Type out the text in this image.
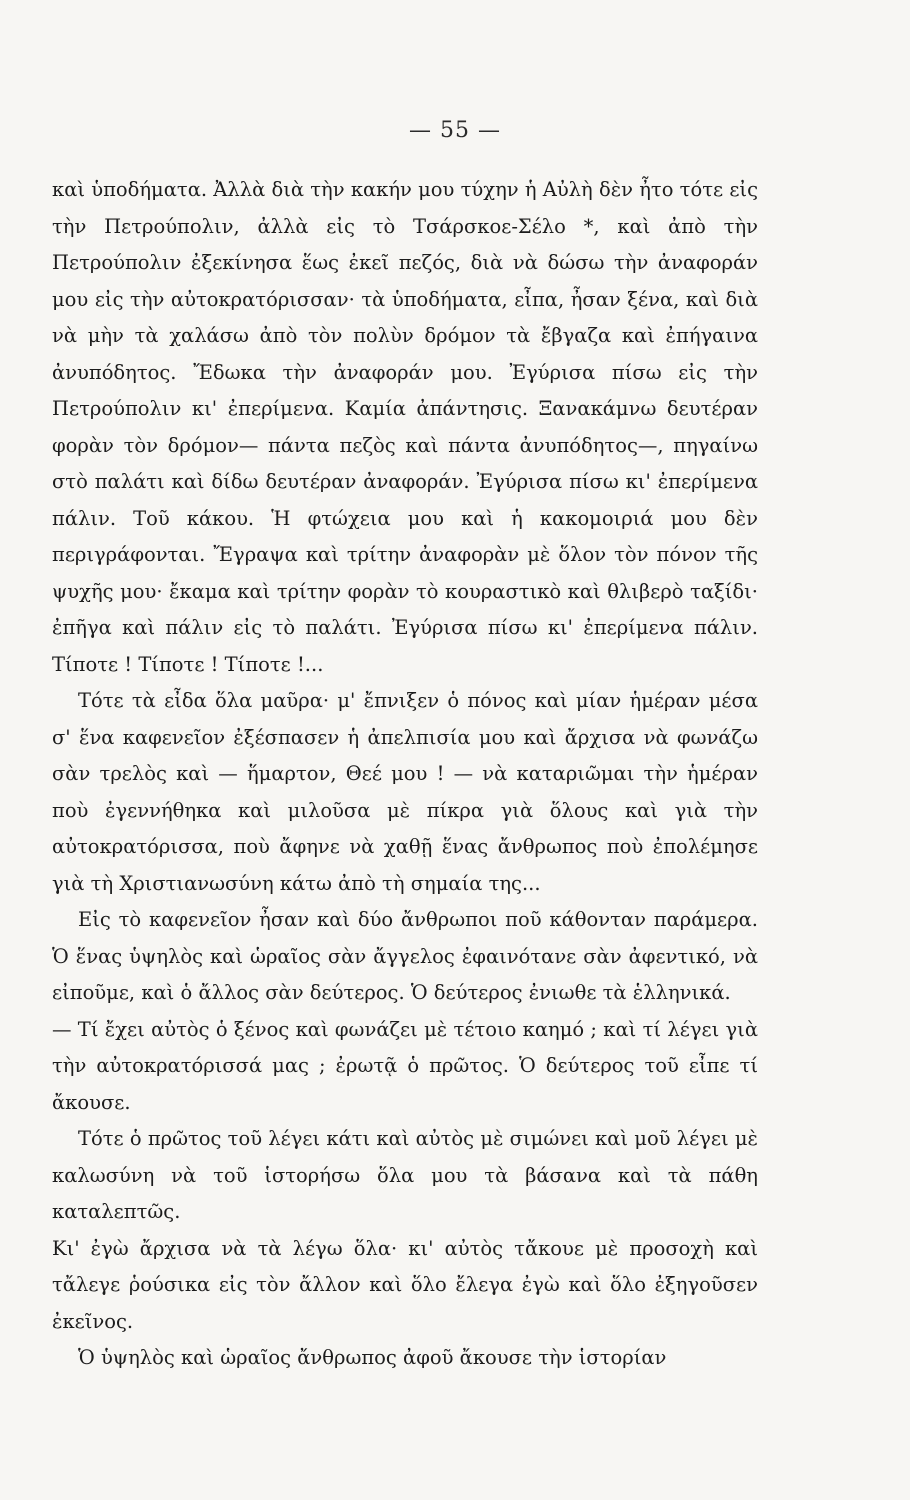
— 55 —

καὶ ὑποδήματα. Ἀλλὰ διὰ τὴν κακήν μου τύχην ἡ Αὐλὴ δὲν ἦτο τότε εἰς τὴν Πετρούπολιν, ἀλλὰ εἰς τὸ Τσάρσκοε-Σέλο *, καὶ ἀπὸ τὴν Πετρούπολιν ἐξεκίνησα ἕως ἐκεῖ πεζός, διὰ νὰ δώσω τὴν ἀναφοράν μου εἰς τὴν αὐτοκρατόρισσαν· τὰ ὑποδήματα, εἶπα, ἦσαν ξένα, καὶ διὰ νὰ μὴν τὰ χαλάσω ἀπὸ τὸν πολὺν δρόμον τὰ ἔβγαζα καὶ ἐπήγαινα ἀνυπόδητος. Ἔδωκα τὴν ἀναφοράν μου. Ἐγύρισα πίσω εἰς τὴν Πετρούπολιν κι' ἐπερίμενα. Καμία ἀπάντησις. Ξανακάμνω δευτέραν φορὰν τὸν δρόμον— πάντα πεζὸς καὶ πάντα ἀνυπόδητος—, πηγαίνω στὸ παλάτι καὶ δίδω δευτέραν ἀναφοράν. Ἐγύρισα πίσω κι' ἐπερίμενα πάλιν. Τοῦ κάκου. Ἡ φτώχεια μου καὶ ἡ κακομοιριά μου δὲν περιγράφονται. Ἔγραψα καὶ τρίτην ἀναφορὰν μὲ ὅλον τὸν πόνον τῆς ψυχῆς μου· ἔκαμα καὶ τρίτην φορὰν τὸ κουραστικὸ καὶ θλιβερὸ ταξίδι· ἐπῆγα καὶ πάλιν εἰς τὸ παλάτι. Ἐγύρισα πίσω κι' ἐπερίμενα πάλιν. Τίποτε ! Τίποτε ! Τίποτε !...

Τότε τὰ εἶδα ὅλα μαῦρα· μ' ἔπνιξεν ὁ πόνος καὶ μίαν ἡμέραν μέσα σ' ἕνα καφενεῖον ἐξέσπασεν ἡ ἀπελπισία μου καὶ ἄρχισα νὰ φωνάζω σὰν τρελὸς καὶ — ἥμαρτον, Θεέ μου ! — νὰ καταριῶμαι τὴν ἡμέραν ποὺ ἐγεννήθηκα καὶ μιλοῦσα μὲ πίκρα γιὰ ὅλους καὶ γιὰ τὴν αὐτοκρατόρισσα, ποὺ ἄφηνε νὰ χαθῇ ἕνας ἄνθρωπος ποὺ ἐπολέμησε γιὰ τὴ Χριστιανωσύνη κάτω ἀπὸ τὴ σημαία της...

Εἰς τὸ καφενεῖον ἦσαν καὶ δύο ἄνθρωποι ποῦ κάθονταν παράμερα. Ὁ ἕνας ὑψηλὸς καὶ ὡραῖος σὰν ἄγγελος ἐφαινότανε σὰν ἀφεντικό, νὰ εἰποῦμε, καὶ ὁ ἄλλος σὰν δεύτερος. Ὁ δεύτερος ἐνιωθε τὰ ἑλληνικά.

— Τί ἔχει αὐτὸς ὁ ξένος καὶ φωνάζει μὲ τέτοιο καημό ; καὶ τί λέγει γιὰ τὴν αὐτοκρατόρισσά μας ; ἐρωτᾷ ὁ πρῶτος. Ὁ δεύτερος τοῦ εἶπε τί ἄκουσε.

Τότε ὁ πρῶτος τοῦ λέγει κάτι καὶ αὐτὸς μὲ σιμώνει καὶ μοῦ λέγει μὲ καλωσύνη νὰ τοῦ ἱστορήσω ὅλα μου τὰ βάσανα καὶ τὰ πάθη καταλεπτῶς.

Κι' ἐγὼ ἄρχισα νὰ τὰ λέγω ὅλα· κι' αὐτὸς τἄκουε μὲ προσοχὴ καὶ τἄλεγε ῥούσικα εἰς τὸν ἄλλον καὶ ὅλο ἔλεγα ἐγὼ καὶ ὅλο ἐξηγοῦσεν ἐκεῖνος.

Ὁ ὑψηλὸς καὶ ὡραῖος ἄνθρωπος ἀφοῦ ἄκουσε τὴν ἱστορίαν
